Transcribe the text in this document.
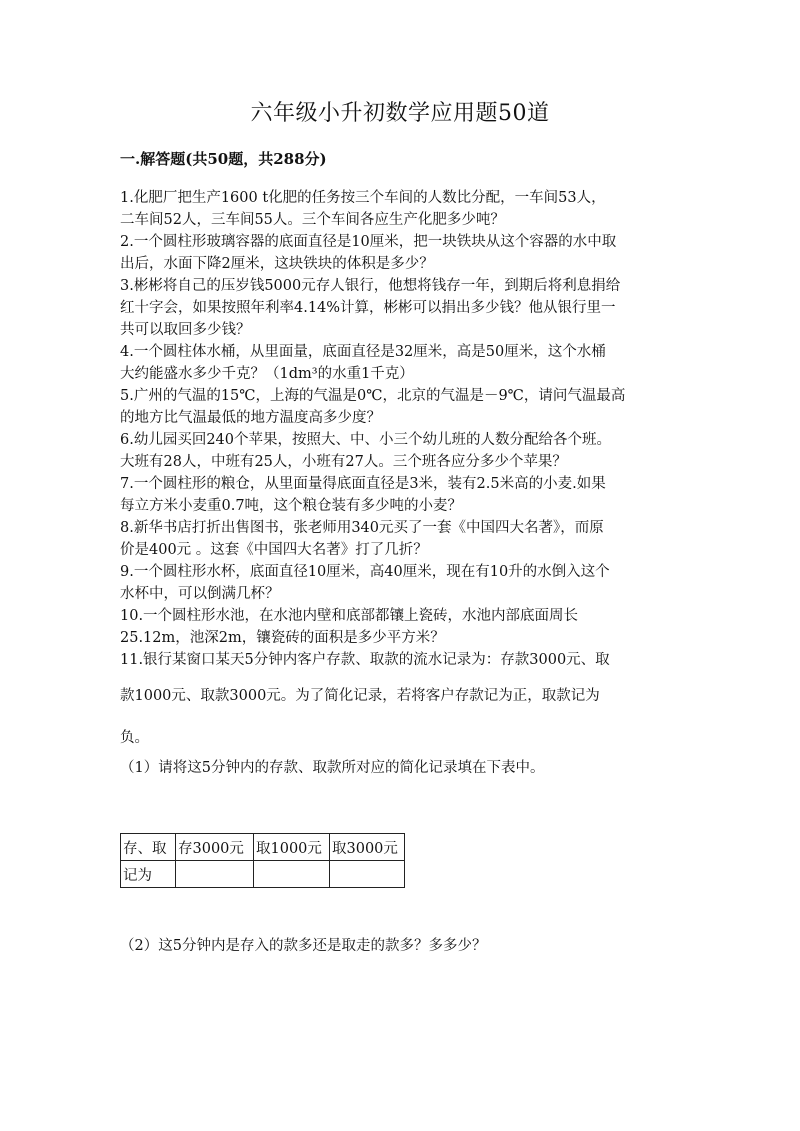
六年级小升初数学应用题50道
一.解答题(共50题，共288分)

1.化肥厂把生产1600 t化肥的任务按三个车间的人数比分配，一车间53人，

二车间52人，三车间55人。三个车间各应生产化肥多少吨？

2.一个圆柱形玻璃容器的底面直径是10厘米，把一块铁块从这个容器的水中取

出后，水面下降2厘米，这块铁块的体积是多少？

3.彬彬将自己的压岁钱5000元存人银行，他想将钱存一年，到期后将利息捐给

红十字会，如果按照年利率4.14%计算，彬彬可以捐出多少钱？他从银行里一

共可以取回多少钱？

4.一个圆柱体水桶，从里面量，底面直径是32厘米，高是50厘米，这个水桶

大约能盛水多少千克？（1dm³的水重1千克）

5.广州的气温的15℃，上海的气温是0℃，北京的气温是－9℃，请问气温最高

的地方比气温最低的地方温度高多少度？

6.幼儿园买回240个苹果，按照大、中、小三个幼儿班的人数分配给各个班。

大班有28人，中班有25人，小班有27人。三个班各应分多少个苹果？

7.一个圆柱形的粮仓，从里面量得底面直径是3米，装有2.5米高的小麦.如果

每立方米小麦重0.7吨，这个粮仓装有多少吨的小麦？

8.新华书店打折出售图书，张老师用340元买了一套《中国四大名著》，而原

价是400元 。这套《中国四大名著》打了几折？

9.一个圆柱形水杯，底面直径10厘米，高40厘米，现在有10升的水倒入这个

水杯中，可以倒满几杯？

10.一个圆柱形水池，在水池内壁和底部都镶上瓷砖，水池内部底面周长

25.12m，池深2m，镶瓷砖的面积是多少平方米？

11.银行某窗口某天5分钟内客户存款、取款的流水记录为：存款3000元、取

款1000元、取款3000元。为了简化记录，若将客户存款记为正，取款记为

负。

（1）请将这5分钟内的存款、取款所对应的简化记录填在下表中。
存、取	存3000元	取1000元	取3000元
记为			
（2）这5分钟内是存入的款多还是取走的款多？多多少？
